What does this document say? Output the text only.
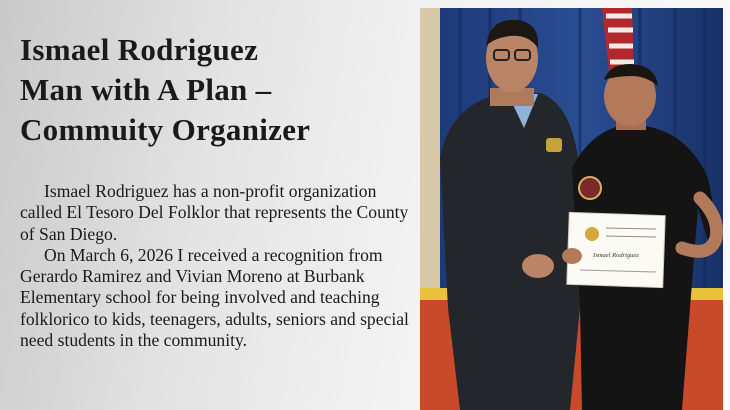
Ismael Rodriguez
Man with A Plan –
Commuity Organizer

Ismael Rodriguez has a non-profit organization called El Tesoro Del Folklor that represents the County of San Diego.

On March 6, 2026 I received a recognition from Gerardo Ramirez and Vivian Moreno at Burbank Elementary school for being involved and teaching folklorico to kids, teenagers, adults, seniors and special need students in the community.

Ismael Rodriguez
